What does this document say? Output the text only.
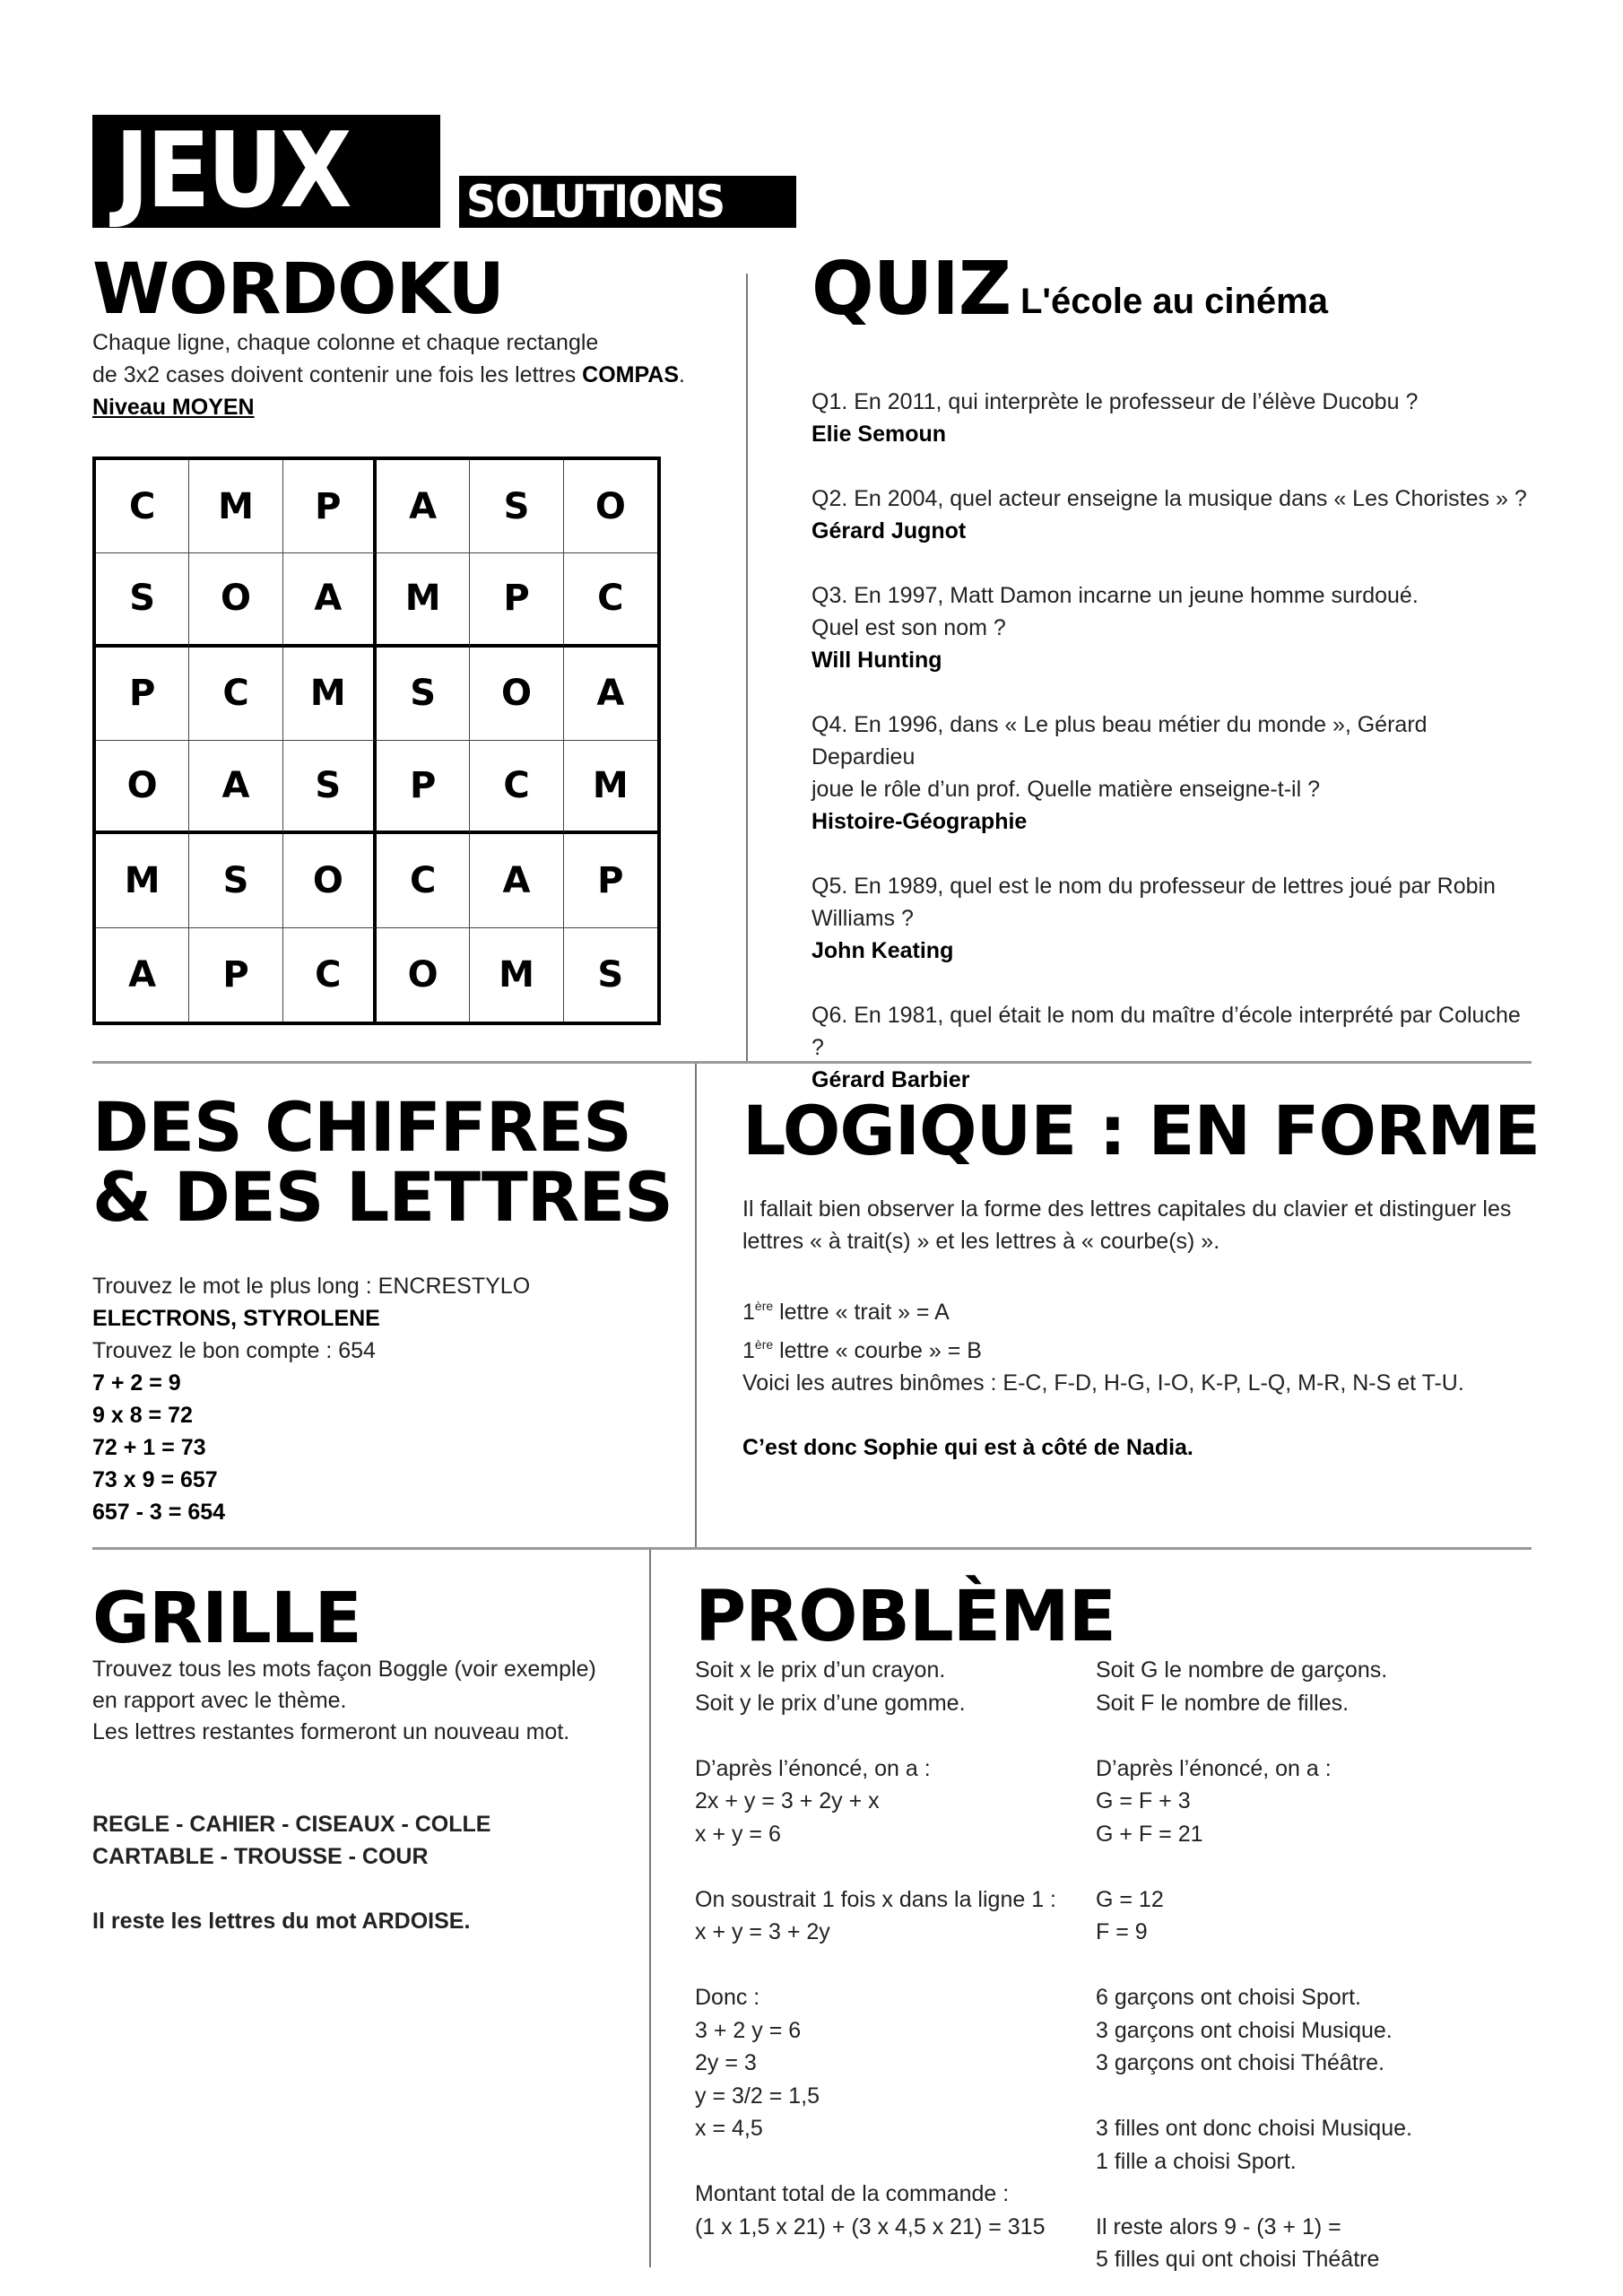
JEUX	SOLUTIONS
WORDOKU
Chaque ligne, chaque colonne et chaque rectangle
de 3x2 cases doivent contenir une fois les lettres COMPAS.
Niveau MOYEN
C	M	P	A	S	O
S	O	A	M	P	C
P	C	M	S	O	A
O	A	S	P	C	M
M	S	O	C	A	P
A	P	C	O	M	S
QUIZ L'école au cinéma
Q1. En 2011, qui interprète le professeur de l’élève Ducobu ?
Elie Semoun
Q2. En 2004, quel acteur enseigne la musique dans « Les Choristes » ?
Gérard Jugnot
Q3. En 1997, Matt Damon incarne un jeune homme surdoué.
Quel est son nom ?
Will Hunting
Q4. En 1996, dans « Le plus beau métier du monde », Gérard Depardieu
joue le rôle d’un prof. Quelle matière enseigne-t-il ?
Histoire-Géographie
Q5. En 1989, quel est le nom du professeur de lettres joué par Robin
Williams ?
John Keating
Q6. En 1981, quel était le nom du maître d’école interprété par Coluche ?
Gérard Barbier
DES CHIFFRES
& DES LETTRES
Trouvez le mot le plus long : ENCRESTYLO
ELECTRONS, STYROLENE
Trouvez le bon compte : 654
7 + 2 = 9
9 x 8 = 72
72 + 1 = 73
73 x 9 = 657
657 - 3 = 654
LOGIQUE : EN FORME
Il fallait bien observer la forme des lettres capitales du clavier et distinguer les
lettres « à trait(s) » et les lettres à « courbe(s) ».
1ère lettre « trait » = A
1ère lettre « courbe » = B
Voici les autres binômes : E-C, F-D, H-G, I-O, K-P, L-Q, M-R, N-S et T-U.
C’est donc Sophie qui est à côté de Nadia.
GRILLE
Trouvez tous les mots façon Boggle (voir exemple)
en rapport avec le thème.
Les lettres restantes formeront un nouveau mot.
REGLE - CAHIER - CISEAUX - COLLE
CARTABLE - TROUSSE - COUR
Il reste les lettres du mot ARDOISE.
PROBLÈME
Soit x le prix d’un crayon.
Soit y le prix d’une gomme.
D’après l’énoncé, on a :
2x + y = 3 + 2y + x
x + y = 6
On soustrait 1 fois x dans la ligne 1 :
x + y = 3 + 2y
Donc :
3 + 2 y = 6
2y = 3
y = 3/2 = 1,5
x = 4,5
Montant total de la commande :
(1 x 1,5 x 21) + (3 x 4,5 x 21) = 315
Soit G le nombre de garçons.
Soit F le nombre de filles.
D’après l’énoncé, on a :
G = F + 3
G + F = 21
G = 12
F = 9
6 garçons ont choisi Sport.
3 garçons ont choisi Musique.
3 garçons ont choisi Théâtre.
3 filles ont donc choisi Musique.
1 fille a choisi Sport.
Il reste alors 9 - (3 + 1) =
5 filles qui ont choisi Théâtre
